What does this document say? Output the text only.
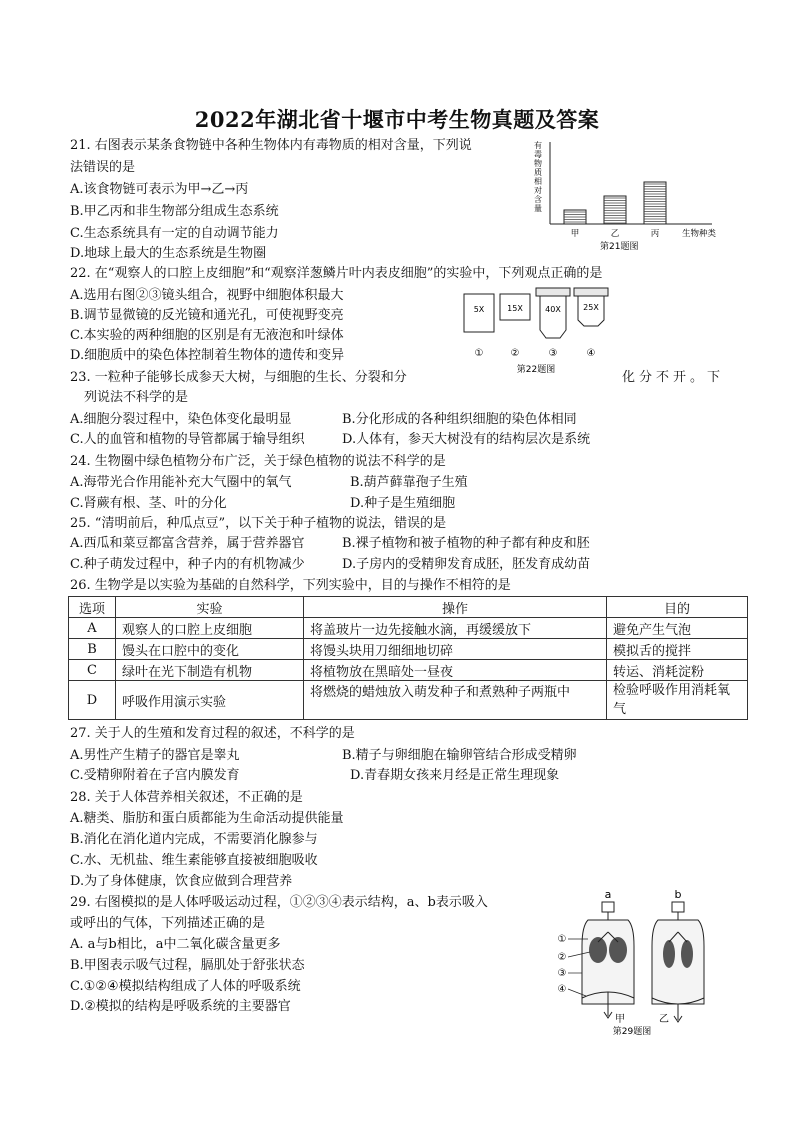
2022年湖北省十堰市中考生物真题及答案
21. 右图表示某条食物链中各种生物体内有毒物质的相对含量，下列说
法错误的是
A.该食物链可表示为甲→乙→丙
B.甲乙丙和非生物部分组成生态系统
C.生态系统具有一定的自动调节能力
D.地球上最大的生态系统是生物圈
有
毒
物
质
相
对
含
量
甲	乙	丙	生物种类
第21题图
22. 在“观察人的口腔上皮细胞”和“观察洋葱鳞片叶内表皮细胞”的实验中，下列观点正确的是
A.选用右图②③镜头组合，视野中细胞体积最大
B.调节显微镜的反光镜和通光孔，可使视野变亮
C.本实验的两种细胞的区别是有无液泡和叶绿体
D.细胞质中的染色体控制着生物体的遗传和变异
5X	15X	40X	25X
①	②	③	④
第22题图
23. 一粒种子能够长成参天大树，与细胞的生长、分裂和分	化分不开。下
列说法不科学的是
A.细胞分裂过程中，染色体变化最明显	B.分化形成的各种组织细胞的染色体相同
C.人的血管和植物的导管都属于输导组织	D.人体有，参天大树没有的结构层次是系统
24. 生物圈中绿色植物分布广泛，关于绿色植物的说法不科学的是
A.海带光合作用能补充大气圈中的氧气	B.葫芦藓靠孢子生殖
C.肾蕨有根、茎、叶的分化	D.种子是生殖细胞
25. “清明前后，种瓜点豆”，以下关于种子植物的说法，错误的是
A.西瓜和菜豆都富含营养，属于营养器官	B.裸子植物和被子植物的种子都有种皮和胚
C.种子萌发过程中，种子内的有机物减少	D.子房内的受精卵发育成胚，胚发育成幼苗
26. 生物学是以实验为基础的自然科学，下列实验中，目的与操作不相符的是
选项	实验	操作	目的
A	观察人的口腔上皮细胞	将盖玻片一边先接触水滴，再缓缓放下	避免产生气泡
B	馒头在口腔中的变化	将馒头块用刀细细地切碎	模拟舌的搅拌
C	绿叶在光下制造有机物	将植物放在黑暗处一昼夜	转运、消耗淀粉
D	呼吸作用演示实验	将燃烧的蜡烛放入萌发种子和煮熟种子两瓶中	检验呼吸作用消耗氧气
27. 关于人的生殖和发育过程的叙述，不科学的是
A.男性产生精子的器官是睾丸	B.精子与卵细胞在输卵管结合形成受精卵
C.受精卵附着在子宫内膜发育	D.青春期女孩来月经是正常生理现象
28. 关于人体营养相关叙述，不正确的是
A.糖类、脂肪和蛋白质都能为生命活动提供能量
B.消化在消化道内完成，不需要消化腺参与
C.水、无机盐、维生素能够直接被细胞吸收
D.为了身体健康，饮食应做到合理营养
29. 右图模拟的是人体呼吸运动过程，①②③④表示结构，a、b表示吸入
或呼出的气体，下列描述正确的是
A. a与b相比，a中二氧化碳含量更多
B.甲图表示吸气过程，膈肌处于舒张状态
C.①②④模拟结构组成了人体的呼吸系统
D.②模拟的结构是呼吸系统的主要器官
a	b
①
②
③
④
甲	乙
第29题图
